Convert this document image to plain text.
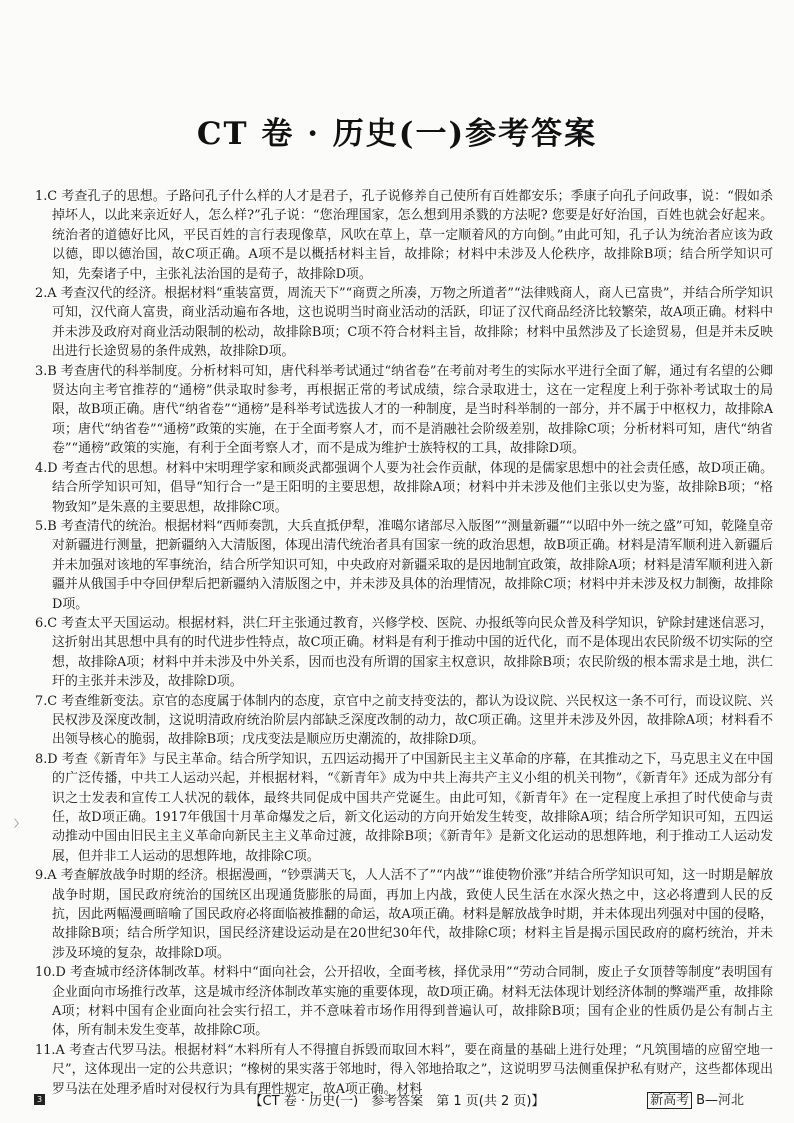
CT 卷 · 历史(一)参考答案

1.C 考查孔子的思想。子路问孔子什么样的人才是君子，孔子说修养自己使所有百姓都安乐；季康子向孔子问政事，说：“假如杀掉坏人，以此来亲近好人，怎么样?”孔子说：“您治理国家，怎么想到用杀戮的方法呢? 您要是好好治国，百姓也就会好起来。统治者的道德好比风，平民百姓的言行表现像草，风吹在草上，草一定顺着风的方向倒。”由此可知，孔子认为统治者应该为政以德，即以德治国，故C项正确。A项不是以概括材料主旨，故排除；材料中未涉及人伦秩序，故排除B项；结合所学知识可知，先秦诸子中，主张礼法治国的是荀子，故排除D项。

2.A 考查汉代的经济。根据材料“重装富贾，周流天下”“商贾之所凑，万物之所道者”“法律贱商人，商人已富贵”，并结合所学知识可知，汉代商人富贵，商业活动遍布各地，这也说明当时商业活动的活跃，印证了汉代商品经济比较繁荣，故A项正确。材料中并未涉及政府对商业活动限制的松动，故排除B项；C项不符合材料主旨，故排除；材料中虽然涉及了长途贸易，但是并未反映出进行长途贸易的条件成熟，故排除D项。

3.B 考查唐代的科举制度。分析材料可知，唐代科举考试通过“纳省卷”在考前对考生的实际水平进行全面了解，通过有名望的公卿贤达向主考官推荐的“通榜”供录取时参考，再根据正常的考试成绩，综合录取进士，这在一定程度上利于弥补考试取士的局限，故B项正确。唐代“纳省卷”“通榜”是科举考试选拔人才的一种制度，是当时科举制的一部分，并不属于中枢权力，故排除A项；唐代“纳省卷”“通榜”政策的实施，在于全面考察人才，而不是消融社会阶级差别，故排除C项；分析材料可知，唐代“纳省卷”“通榜”政策的实施，有利于全面考察人才，而不是成为维护士族特权的工具，故排除D项。

4.D 考查古代的思想。材料中宋明理学家和顾炎武都强调个人要为社会作贡献，体现的是儒家思想中的社会责任感，故D项正确。结合所学知识可知，倡导“知行合一”是王阳明的主要思想，故排除A项；材料中并未涉及他们主张以史为鉴，故排除B项；“格物致知”是朱熹的主要思想，故排除C项。

5.B 考查清代的统治。根据材料“西师奏凯，大兵直抵伊犁，准噶尔诸部尽入版图”“测量新疆”“以昭中外一统之盛”可知，乾隆皇帝对新疆进行测量，把新疆纳入大清版图，体现出清代统治者具有国家一统的政治思想，故B项正确。材料是清军顺利进入新疆后并未加强对该地的军事统治，结合所学知识可知，中央政府对新疆采取的是因地制宜政策，故排除A项；材料是清军顺利进入新疆并从俄国手中夺回伊犁后把新疆纳入清版图之中，并未涉及具体的治理情况，故排除C项；材料中并未涉及权力制衡，故排除D项。

6.C 考查太平天国运动。根据材料，洪仁玕主张通过教育，兴修学校、医院、办报纸等向民众普及科学知识，铲除封建迷信恶习，这折射出其思想中具有的时代进步性特点，故C项正确。材料是有利于推动中国的近代化，而不是体现出农民阶级不切实际的空想，故排除A项；材料中并未涉及中外关系，因而也没有所谓的国家主权意识，故排除B项；农民阶级的根本需求是土地，洪仁玕的主张并未涉及，故排除D项。

7.C 考查维新变法。京官的态度属于体制内的态度，京官中之前支持变法的，都认为设议院、兴民权这一条不可行，而设议院、兴民权涉及深度改制，这说明清政府统治阶层内部缺乏深度改制的动力，故C项正确。这里并未涉及外因，故排除A项；材料看不出领导核心的脆弱，故排除B项；戊戌变法是顺应历史潮流的，故排除D项。

8.D 考查《新青年》与民主革命。结合所学知识，五四运动揭开了中国新民主主义革命的序幕，在其推动之下，马克思主义在中国的广泛传播，中共工人运动兴起，并根据材料，“《新青年》成为中共上海共产主义小组的机关刊物”，《新青年》还成为部分有识之士发表和宣传工人状况的载体，最终共同促成中国共产党诞生。由此可知，《新青年》在一定程度上承担了时代使命与责任，故D项正确。1917年俄国十月革命爆发之后，新文化运动的方向开始发生转变，故排除A项；结合所学知识可知，五四运动推动中国由旧民主主义革命向新民主主义革命过渡，故排除B项；《新青年》是新文化运动的思想阵地，利于推动工人运动发展，但并非工人运动的思想阵地，故排除C项。

9.A 考查解放战争时期的经济。根据漫画，“钞票满天飞，人人活不了”“内战”“谁使物价涨”并结合所学知识可知，这一时期是解放战争时期，国民政府统治的国统区出现通货膨胀的局面，再加上内战，致使人民生活在水深火热之中，这必将遭到人民的反抗，因此两幅漫画暗喻了国民政府必将面临被推翻的命运，故A项正确。材料是解放战争时期，并未体现出列强对中国的侵略，故排除B项；结合所学知识，国民经济建设运动是在20世纪30年代，故排除C项；材料主旨是揭示国民政府的腐朽统治，并未涉及环境的复杂，故排除D项。

10.D 考查城市经济体制改革。材料中“面向社会，公开招收，全面考核，择优录用”“劳动合同制，废止子女顶替等制度”表明国有企业面向市场推行改革，这是城市经济体制改革实施的重要体现，故D项正确。材料无法体现计划经济体制的弊端严重，故排除A项；材料中国有企业面向社会实行招工，并不意味着市场作用得到普遍认可，故排除B项；国有企业的性质仍是公有制占主体，所有制未发生变革，故排除C项。

11.A 考查古代罗马法。根据材料“木料所有人不得擅自拆毁而取回木料”，要在商量的基础上进行处理；“凡筑围墙的应留空地一尺”，这体现出一定的公共意识；“橡树的果实落于邻地时，得入邻地拾取之”，这说明罗马法侧重保护私有财产，这些都体现出罗马法在处理矛盾时对侵权行为具有理性规定，故A项正确。材料

〉
3	【CT 卷 · 历史(一)　参考答案　第 1 页(共 2 页)】	新高考 B—河北
